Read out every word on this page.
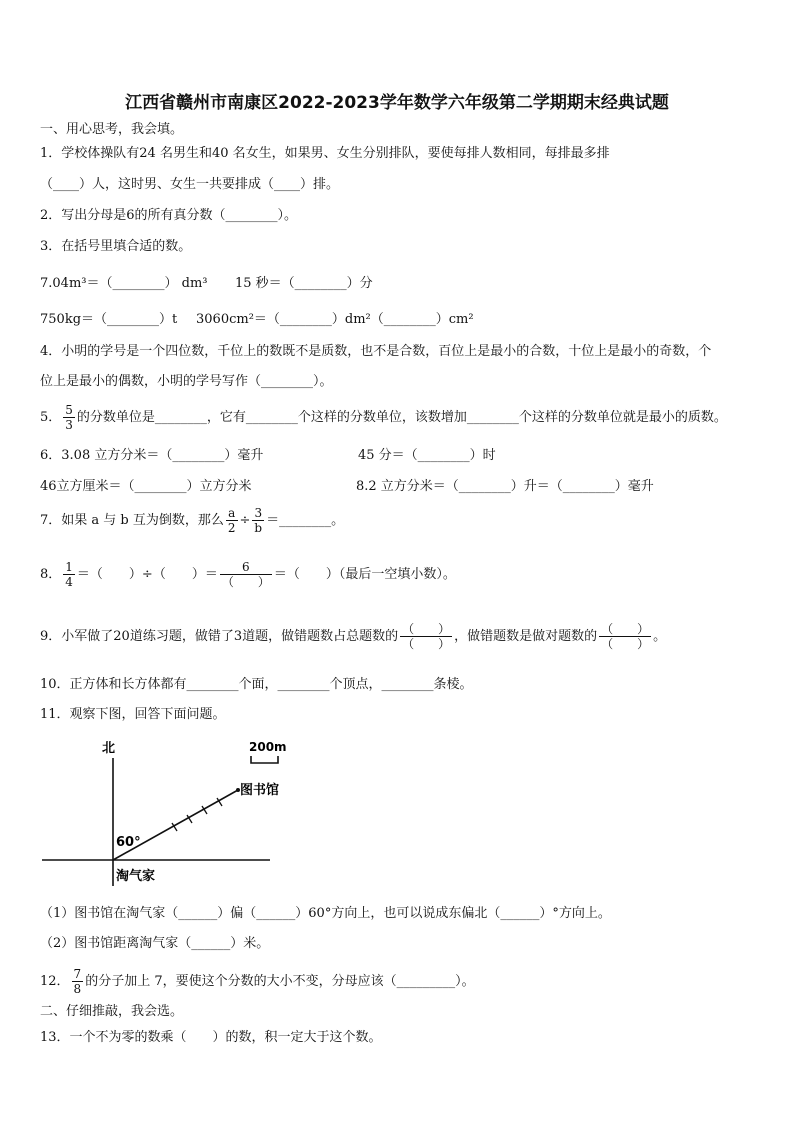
江西省赣州市南康区2022-2023学年数学六年级第二学期期末经典试题
一、用心思考，我会填。
1．学校体操队有24 名男生和40 名女生，如果男、女生分别排队，要使每排人数相同，每排最多排
（____）人，这时男、女生一共要排成（____）排。
2．写出分母是6的所有真分数（________）。
3．在括号里填合适的数。
7.04m³＝（________） dm³ 15 秒＝（________）分
750kg＝（________）t 3060cm²＝（________）dm²（________）cm²
4．小明的学号是一个四位数，千位上的数既不是质数，也不是合数，百位上是最小的合数，十位上是最小的奇数，个
位上是最小的偶数，小明的学号写作（________）。
5． $\frac{5}{3}$ 的分数单位是________，它有________个这样的分数单位，该数增加________个这样的分数单位就是最小的质数。
6．3.08 立方分米＝（________）毫升	45 分＝（________）时
46立方厘米＝（________）立方分米	8.2 立方分米＝（________）升＝（________）毫升
7．如果 a 与 b 互为倒数，那么 $\frac{a}{2} \div \frac{3}{b}$ ＝________。
8． $\frac{1}{4}$ ＝（　　）÷（　　）＝ $\frac{6}{( )}$ ＝（　　）（最后一空填小数）。
9．小军做了20道练习题，做错了3道题，做错题数占总题数的 $\frac{( )}{( )}$ ，做错题数是做对题数的 $\frac{( )}{( )}$ 。
10．正方体和长方体都有________个面，________个顶点，________条棱。
11．观察下图，回答下面问题。
北
图书馆
200m
60°
淘气家
（1）图书馆在淘气家（______）偏（______）60°方向上，也可以说成东偏北（______）°方向上。
（2）图书馆距离淘气家（______）米。
12． $\frac{7}{8}$ 的分子加上 7，要使这个分数的大小不变，分母应该（_________）。
二、仔细推敲，我会选。
13．一个不为零的数乘（　　）的数，积一定大于这个数。
